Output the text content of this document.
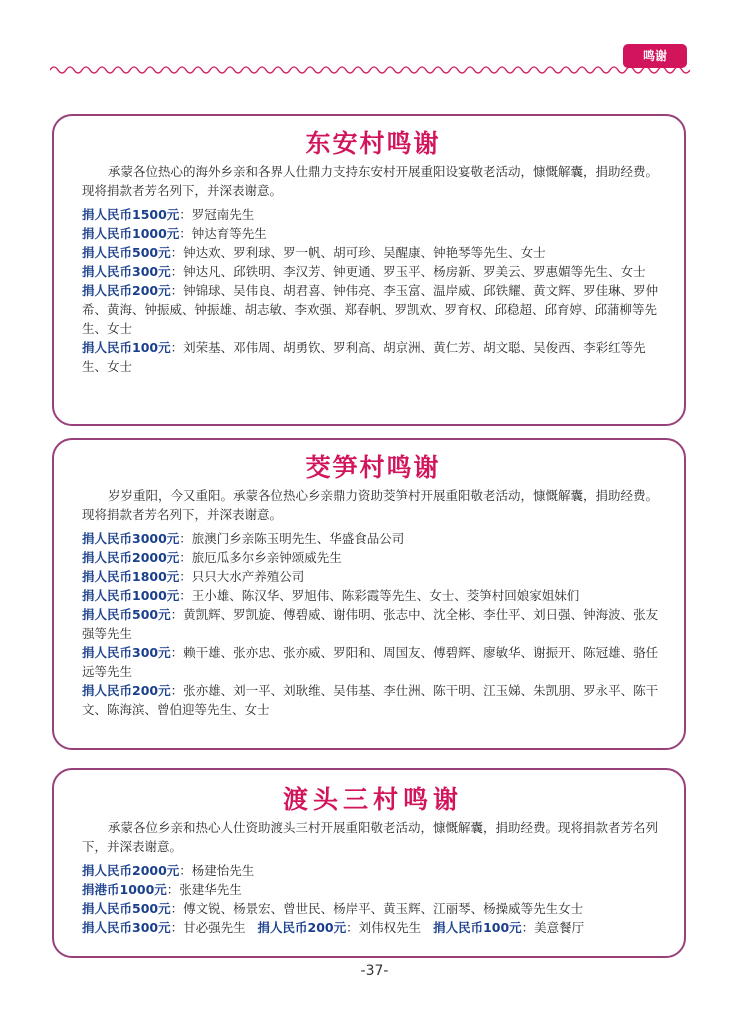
鸣谢
东安村鸣谢
承蒙各位热心的海外乡亲和各界人仕鼎力支持东安村开展重阳设宴敬老活动，慷慨解囊，捐助经费。现将捐款者芳名列下，并深表谢意。
捐人民币1500元：罗冠南先生
捐人民币1000元：钟达育等先生
捐人民币500元：钟达欢、罗利球、罗一帆、胡可珍、吴醒康、钟艳琴等先生、女士
捐人民币300元：钟达凡、邱铁明、李汉芳、钟更通、罗玉平、杨房新、罗美云、罗惠媚等先生、女士
捐人民币200元：钟锦球、吴伟良、胡君喜、钟伟亮、李玉富、温岸威、邱铁耀、黄文辉、罗佳琳、罗仲希、黄海、钟振威、钟振雄、胡志敏、李欢强、郑春帆、罗凯欢、罗育权、邱稳超、邱育婷、邱蒲柳等先生、女士
捐人民币100元：刘荣基、邓伟周、胡勇钦、罗利高、胡京洲、黄仁芳、胡文聪、吴俊西、李彩红等先生、女士
茭笋村鸣谢
岁岁重阳，今又重阳。承蒙各位热心乡亲鼎力资助茭笋村开展重阳敬老活动，慷慨解囊，捐助经费。现将捐款者芳名列下，并深表谢意。
捐人民币3000元：旅澳门乡亲陈玉明先生、华盛食品公司
捐人民币2000元：旅厄瓜多尔乡亲钟颂威先生
捐人民币1800元：只只大水产养殖公司
捐人民币1000元：王小雄、陈汉华、罗旭伟、陈彩霞等先生、女士、茭笋村回娘家姐妹们
捐人民币500元：黄凯辉、罗凯旋、傅碧威、谢伟明、张志中、沈全彬、李仕平、刘日强、钟海波、张友强等先生
捐人民币300元：赖干雄、张亦忠、张亦威、罗阳和、周国友、傅碧辉、廖敏华、谢振开、陈冠雄、骆任远等先生
捐人民币200元：张亦雄、刘一平、刘耿维、吴伟基、李仕洲、陈干明、江玉娣、朱凯朋、罗永平、陈干文、陈海滨、曾伯迎等先生、女士
渡头三村鸣谢
承蒙各位乡亲和热心人仕资助渡头三村开展重阳敬老活动，慷慨解囊，捐助经费。现将捐款者芳名列下，并深表谢意。
捐人民币2000元：杨建怡先生
捐港币1000元：张建华先生
捐人民币500元：傅文锐、杨景宏、曾世民、杨岸平、黄玉辉、江丽琴、杨操威等先生女士
捐人民币300元：甘必强先生 捐人民币200元：刘伟权先生 捐人民币100元：美意餐厅
-37-
